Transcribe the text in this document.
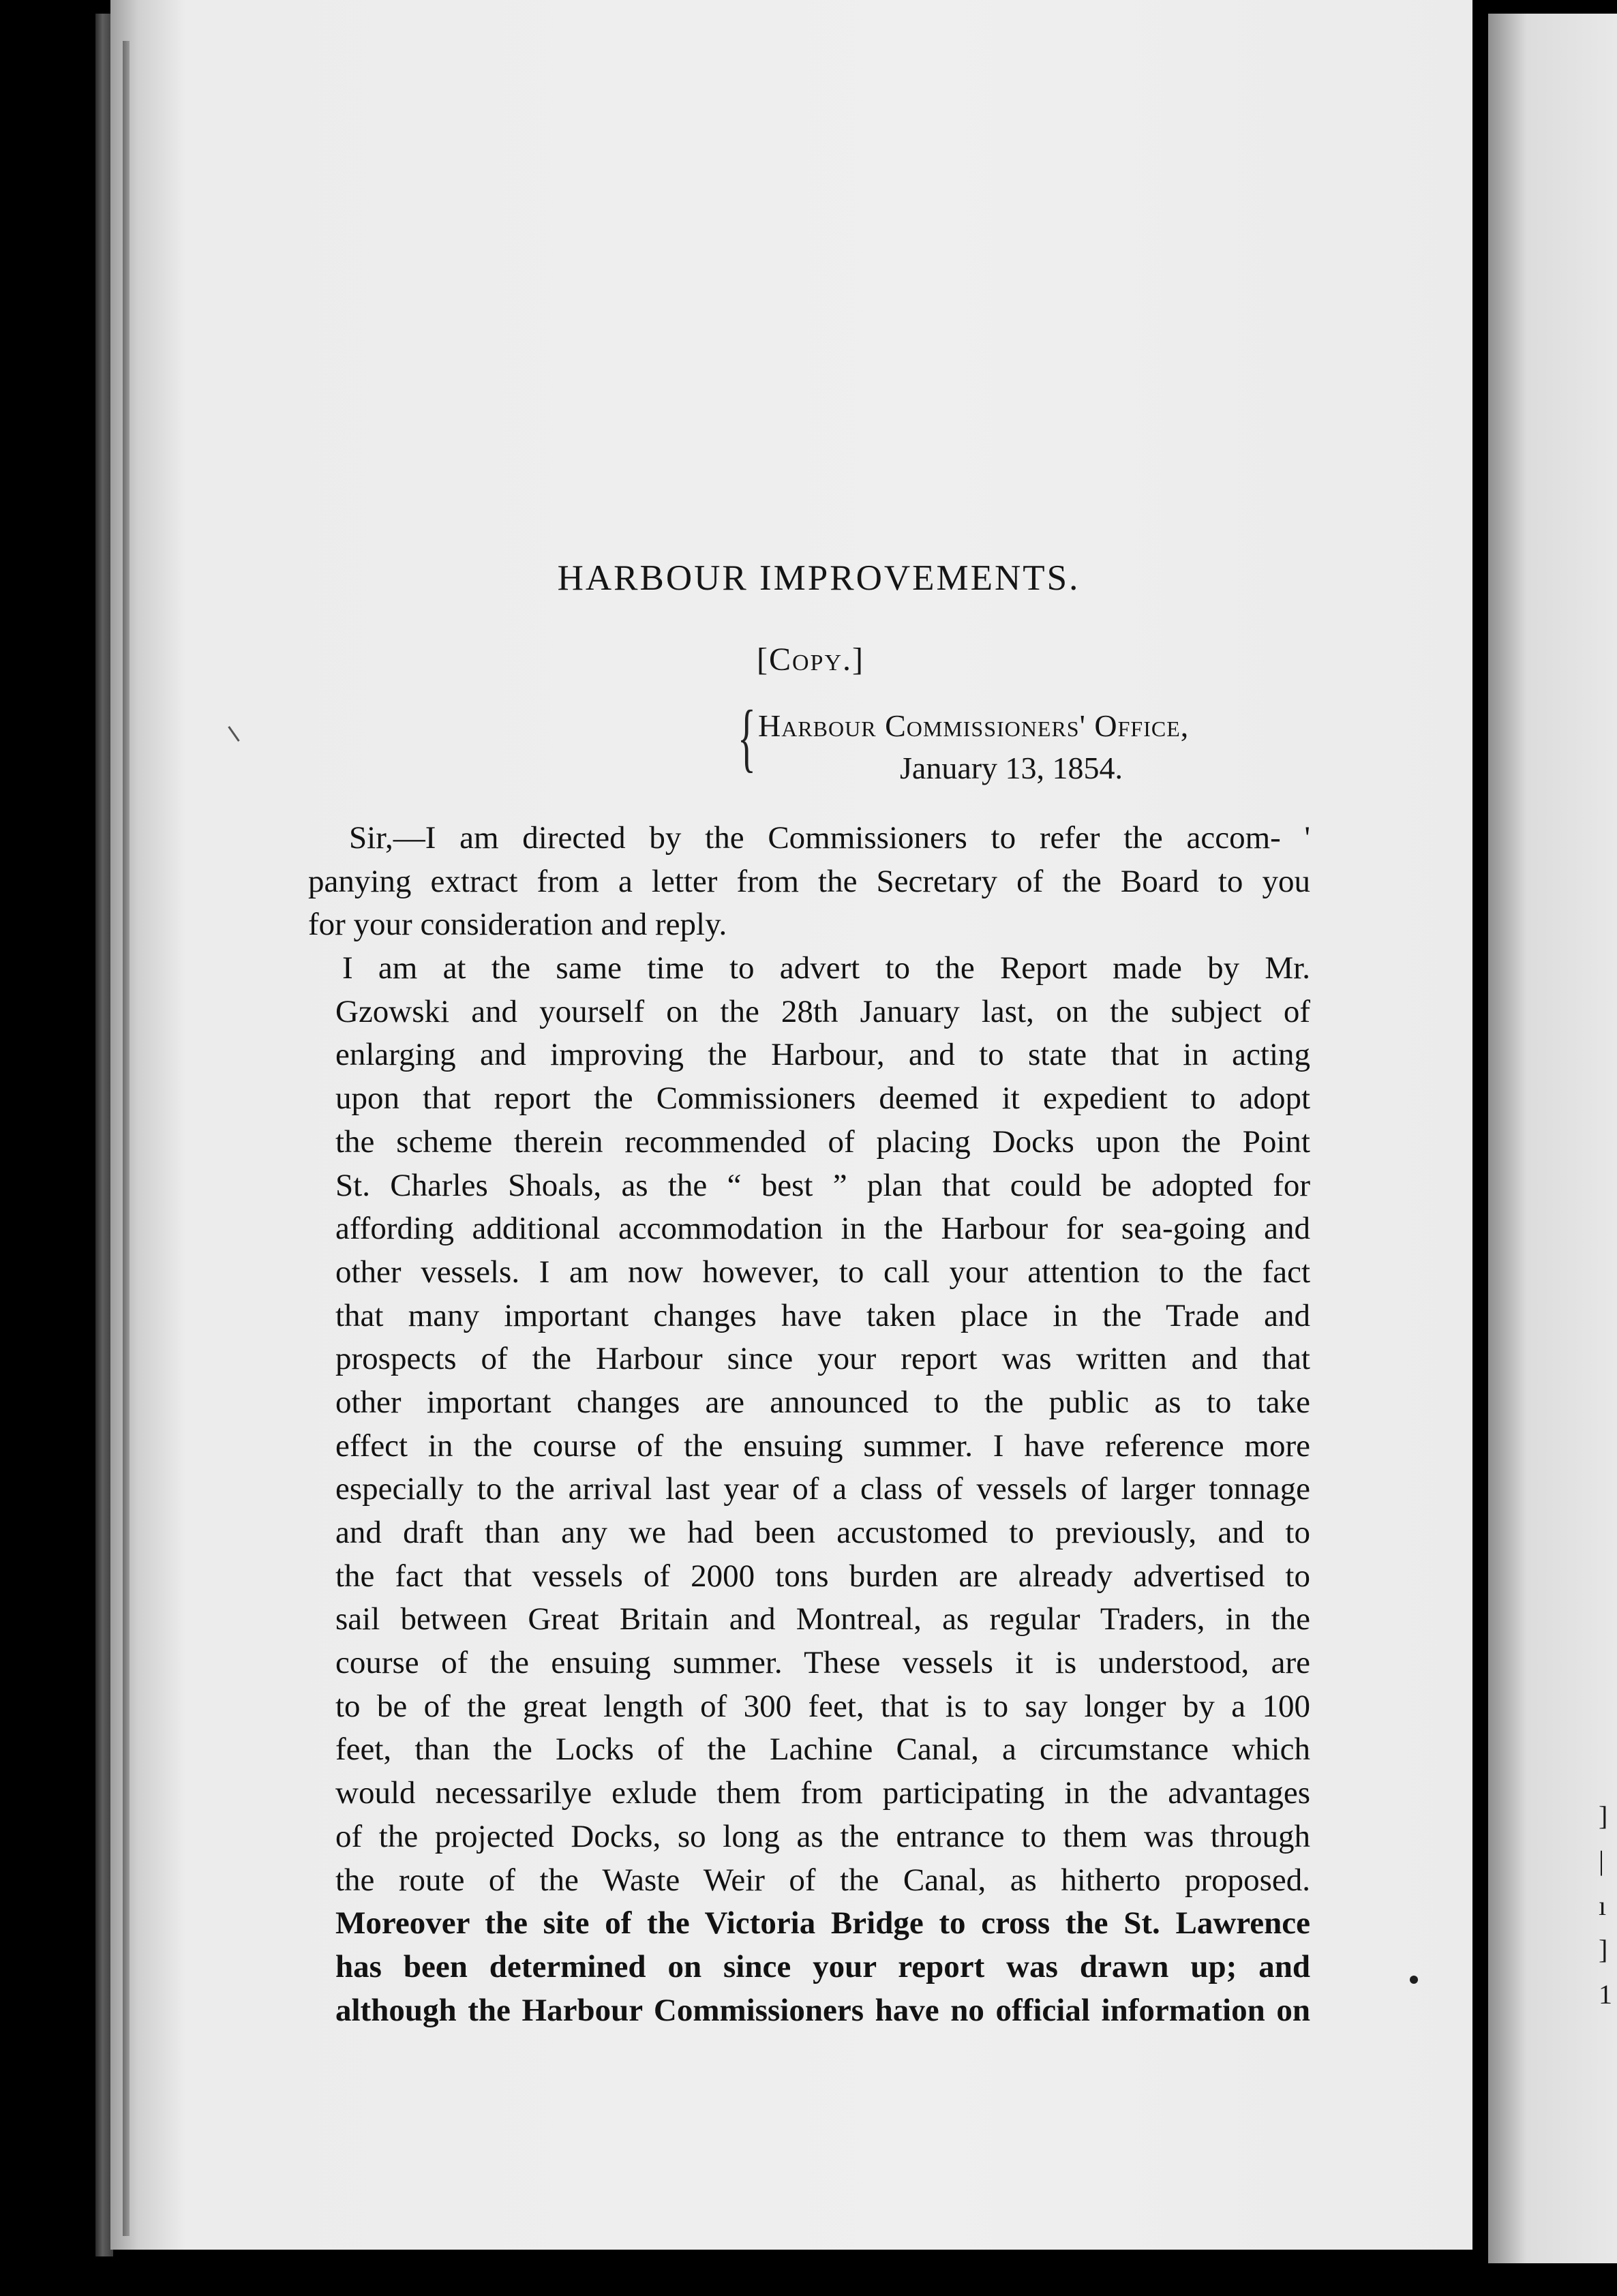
]
|
ı
]
1
HARBOUR IMPROVEMENTS.
[Copy.]
{ Harbour Commissioners' Office,
January 13, 1854.
Sir,—I am directed by the Commissioners to refer the accom- '
panying extract from a letter from the Secretary of the Board to you
for your consideration and reply.
I am at the same time to advert to the Report made by Mr.
Gzowski and yourself on the 28th January last, on the subject of
enlarging and improving the Harbour, and to state that in acting
upon that report the Commissioners deemed it expedient to adopt
the scheme therein recommended of placing Docks upon the Point
St. Charles Shoals, as the “ best ” plan that could be adopted for
affording additional accommodation in the Harbour for sea-going and
other vessels. I am now however, to call your attention to the fact
that many important changes have taken place in the Trade and
prospects of the Harbour since your report was written and that
other important changes are announced to the public as to take
effect in the course of the ensuing summer. I have reference more
especially to the arrival last year of a class of vessels of larger tonnage
and draft than any we had been accustomed to previously, and to
the fact that vessels of 2000 tons burden are already advertised to
sail between Great Britain and Montreal, as regular Traders, in the
course of the ensuing summer. These vessels it is understood, are
to be of the great length of 300 feet, that is to say longer by a 100
feet, than the Locks of the Lachine Canal, a circumstance which
would necessarilye exlude them from participating in the advantages
of the projected Docks, so long as the entrance to them was through
the route of the Waste Weir of the Canal, as hitherto proposed.
Moreover the site of the Victoria Bridge to cross the St. Lawrence
has been determined on since your report was drawn up; and
although the Harbour Commissioners have no official information on
